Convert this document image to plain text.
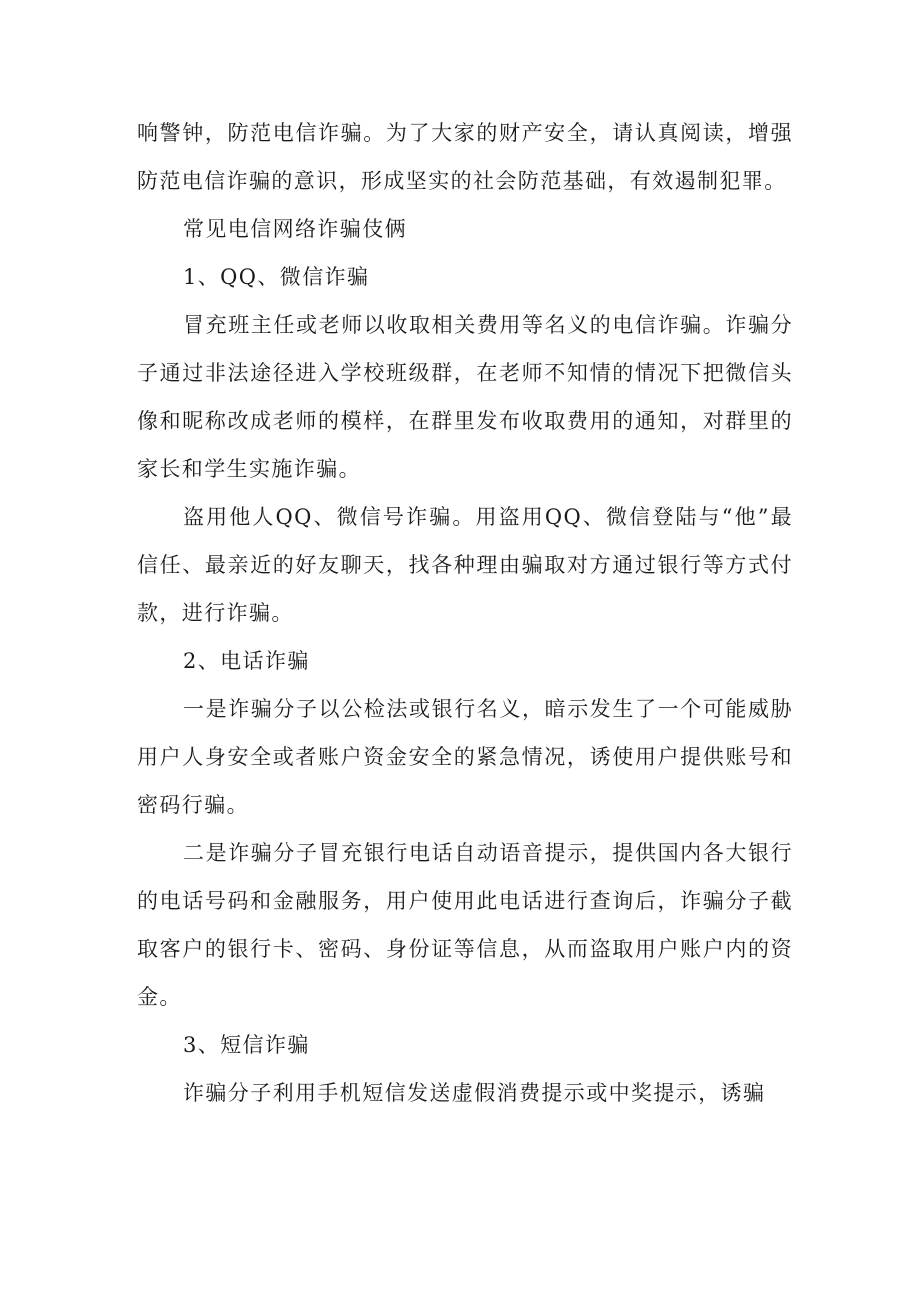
响警钟，防范电信诈骗。为了大家的财产安全，请认真阅读，增强防范电信诈骗的意识，形成坚实的社会防范基础，有效遏制犯罪。

常见电信网络诈骗伎俩

1、QQ、微信诈骗

冒充班主任或老师以收取相关费用等名义的电信诈骗。诈骗分子通过非法途径进入学校班级群，在老师不知情的情况下把微信头像和昵称改成老师的模样，在群里发布收取费用的通知，对群里的家长和学生实施诈骗。

盗用他人QQ、微信号诈骗。用盗用QQ、微信登陆与“他”最信任、最亲近的好友聊天，找各种理由骗取对方通过银行等方式付款，进行诈骗。

2、电话诈骗

一是诈骗分子以公检法或银行名义，暗示发生了一个可能威胁用户人身安全或者账户资金安全的紧急情况，诱使用户提供账号和密码行骗。

二是诈骗分子冒充银行电话自动语音提示，提供国内各大银行的电话号码和金融服务，用户使用此电话进行查询后，诈骗分子截取客户的银行卡、密码、身份证等信息，从而盗取用户账户内的资金。

3、短信诈骗

诈骗分子利用手机短信发送虚假消费提示或中奖提示，诱骗
